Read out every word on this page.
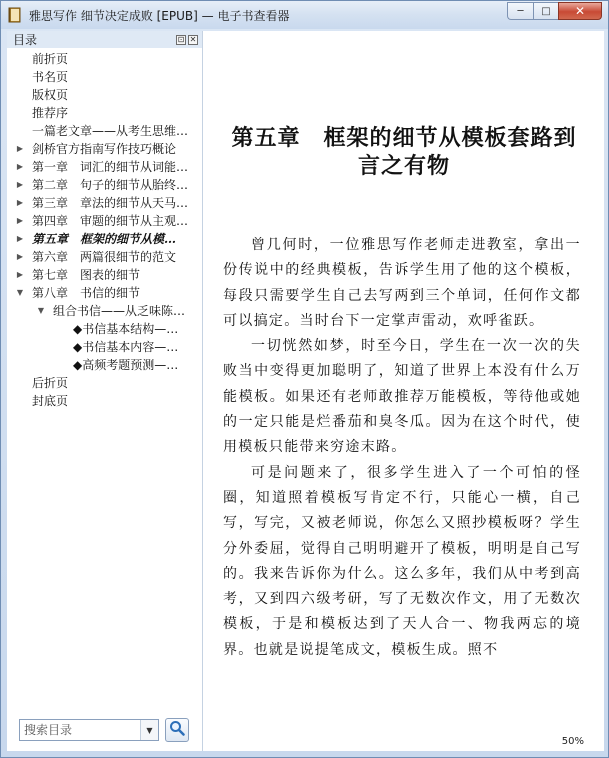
雅思写作 细节决定成败 [EPUB] — 电子书查看器	─ □ ✕
目录	⊡ ✕
前折页
书名页
版权页
推荐序
一篇老文章——从考生思维…
▶ 剑桥官方指南写作技巧概论
▶ 第一章　词汇的细节从词能…
▶ 第二章　句子的细节从胎终…
▶ 第三章　章法的细节从天马…
▶ 第四章　审题的细节从主观…
▶ 第五章　框架的细节从模…
▶ 第六章　两篇很细节的范文
▶ 第七章　图表的细节
▼ 第八章　书信的细节
▼ 组合书信——从乏味陈…
◆书信基本结构—…
◆书信基本内容—…
◆高频考题预测—…
后折页
封底页
搜索目录
▼
第五章　框架的细节从模板套路到言之有物

曾几何时，一位雅思写作老师走进教室，拿出一份传说中的经典模板，告诉学生用了他的这个模板，每段只需要学生自己去写两到三个单词，任何作文都可以搞定。当时台下一定掌声雷动，欢呼雀跃。

一切恍然如梦，时至今日，学生在一次一次的失败当中变得更加聪明了，知道了世界上本没有什么万能模板。如果还有老师敢推荐万能模板，等待他或她的一定只能是烂番茄和臭冬瓜。因为在这个时代，使用模板只能带来穷途末路。

可是问题来了，很多学生进入了一个可怕的怪圈，知道照着模板写肯定不行，只能心一横，自己写，写完，又被老师说，你怎么又照抄模板呀？学生分外委屈，觉得自己明明避开了模板，明明是自己写的。我来告诉你为什么。这么多年，我们从中考到高考，又到四六级考研，写了无数次作文，用了无数次模板，于是和模板达到了天人合一、物我两忘的境界。也就是说提笔成文，模板生成。照不

50%
